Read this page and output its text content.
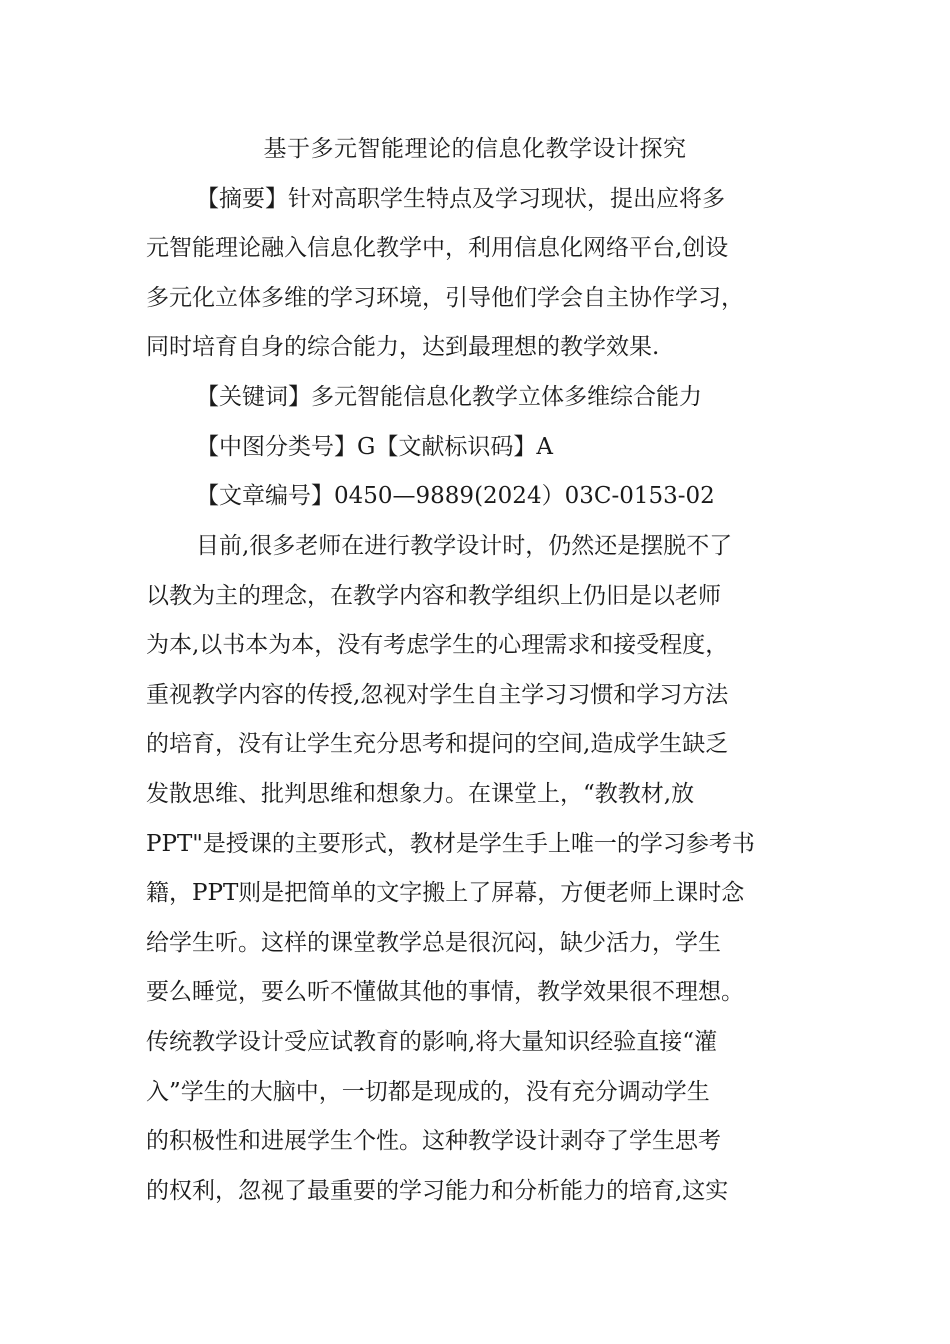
基于多元智能理论的信息化教学设计探究
【摘要】针对高职学生特点及学习现状，提出应将多
元智能理论融入信息化教学中，利用信息化网络平台,创设
多元化立体多维的学习环境，引导他们学会自主协作学习，
同时培育自身的综合能力，达到最理想的教学效果.
【关键词】多元智能信息化教学立体多维综合能力
【中图分类号】G【文献标识码】A
【文章编号】0450—9889(2024）03C-0153-02
目前,很多老师在进行教学设计时，仍然还是摆脱不了
以教为主的理念，在教学内容和教学组织上仍旧是以老师
为本,以书本为本，没有考虑学生的心理需求和接受程度，
重视教学内容的传授,忽视对学生自主学习习惯和学习方法
的培育，没有让学生充分思考和提问的空间,造成学生缺乏
发散思维、批判思维和想象力。在课堂上，“教教材,放
PPT"是授课的主要形式，教材是学生手上唯一的学习参考书
籍，PPT则是把简单的文字搬上了屏幕，方便老师上课时念
给学生听。这样的课堂教学总是很沉闷，缺少活力，学生
要么睡觉，要么听不懂做其他的事情，教学效果很不理想。
传统教学设计受应试教育的影响,将大量知识经验直接“灌
入”学生的大脑中，一切都是现成的，没有充分调动学生
的积极性和进展学生个性。这种教学设计剥夺了学生思考
的权利，忽视了最重要的学习能力和分析能力的培育,这实
